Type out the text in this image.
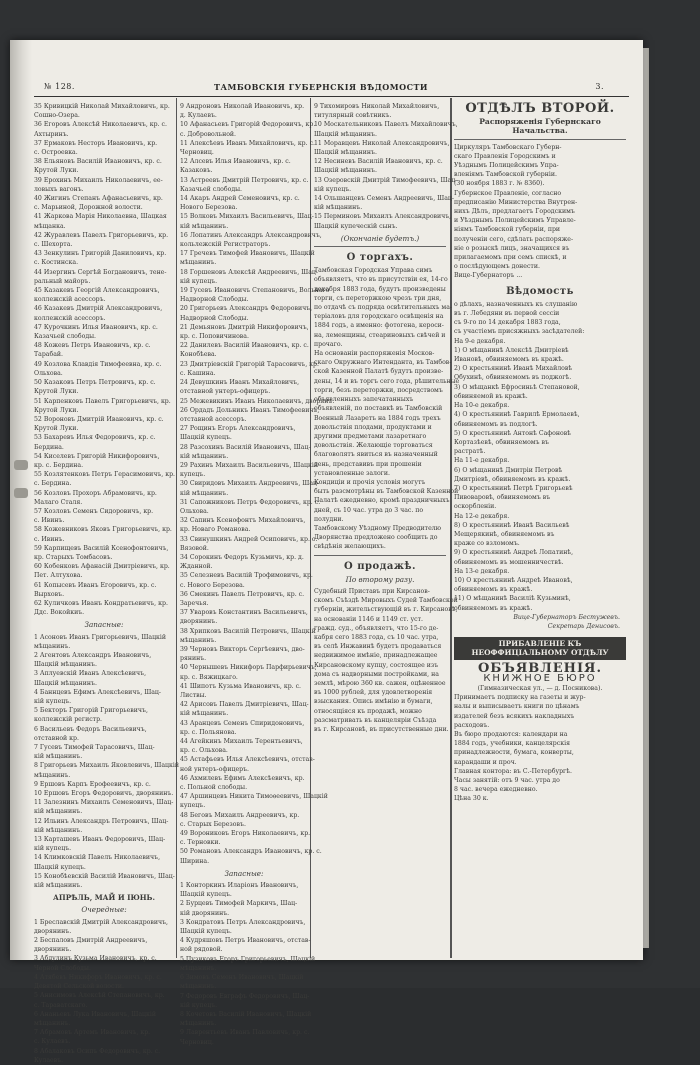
№ 128.	ТАМБОВСКІЯ ГУБЕРНСКІЯ ВѢДОМОСТИ	3.
35 Кривицкій Николай Михайловичъ, кр.
Сошно-Озера.
36 Егоровъ Алексѣй Николаевичъ, кр. с.
Ахтыринъ.
37 Ермаковъ Несторъ Ивановичъ, кр.
с. Остроевка.
38 Ельяновъ Василій Ивановичъ, кр. с.
Крутой Луки.
39 Ерохинъ Михаилъ Николаевичъ, ее-
ловыхъ вагонъ.
40 Жигинъ Степанъ Афанасьевичъ, кр.
с. Марьиной, Дорожной волости.
41 Жаркова Марія Николаевна, Шацкая
мѣщанка.
42 Журавлевъ Павелъ Григорьевичъ, кр.
с. Шехорта.
43 Зенкулинъ Григорій Даниловичъ, кр.
с. Костинска.
44 Изергинъ Сергѣй Богдановичъ, тене-
ральный майоръ.
45 Казакевъ Георгій Александровичъ,
коллежскій асессоръ.
46 Казакевъ Дмитрій Александровичъ,
коллежскій асессоръ.
47 Курочкинъ Илья Ивановичъ, кр. с.
Казачьей слободы.
48 Кожевъ Петръ Ивановичъ, кр. с.
Тарабай.
49 Козлова Клавдія Тимофеевна, кр. с.
Ольхова.
50 Казаковъ Петръ Петровичъ, кр. с.
Крутой Луки.
51 Карпенковъ Павелъ Григорьевичъ, кр.
Крутой Луки.
52 Вороновъ Дмитрій Ивановичъ, кр. с.
Крутой Луки.
53 Бахаревъ Илья Федоровичъ, кр. с.
Бердина.
54 Киселевъ Григорій Никифоровичъ,
кр. с. Бердина.
55 Козлятенковъ Петръ Герасимовичъ, кр.
с. Бердина.
56 Козловъ Прохоръ Абрамовичъ, кр.
Малаго Сталя.
57 Козловъ Семенъ Сидоровичъ, кр.
с. Ивинъ.
58 Кожевниковъ Яковъ Григорьевичъ, кр.
с. Ивинъ.
59 Карпищевъ Василій Ксенофонтовичъ,
кр. Старыхъ Томбасовъ.
60 Кобенковъ Афанасій Дмитріевичъ, кр.
Пет. Алтухова.
61 Копысевъ Иванъ Егоровичъ, кр. с.
Вырховъ.
62 Куличковъ Иванъ Кондратьевичъ, кр.
Ддс. Вокойкиъ.
Запасные:
1 Асоновъ Иванъ Григорьевичъ, Шацкій
мѣщанинъ.
2 Агентовъ Александръ Ивановичъ,
Шацкій мѣщанинъ.
3 Аплуевскій Иванъ Алексѣевичъ,
Шацкій мѣщанинъ.
4 Баннцевъ Ефимъ Алексѣевичъ, Шац-
кій купецъ.
5 Бекторъ Григорій Григорьевичъ,
коллежскій регистр.
6 Васильевъ Федоръ Васильевичъ,
отставной кр.
7 Гусевъ Тимофей Тарасовичъ, Шац-
кій мѣщанинъ.
8 Григорьевъ Михаилъ Яковлевичъ, Шацкій
мѣщанинъ.
9 Ершовъ Карпъ Ерофеевичъ, кр. с.
10 Ершовъ Егоръ Федоровичъ, дворянинъ.
11 Залезнинъ Михаилъ Семеновичъ, Шац-
кій мѣщанинъ.
12 Ильинъ Александръ Петровичъ, Шац-
кій мѣщанинъ.
13 Карташевъ Иванъ Федоровичъ, Шац-
кій купецъ.
14 Климковскій Павелъ Николаевичъ,
Шацкій купецъ.
15 Конобѣевскій Василій Ивановичъ, Шац-
кій мѣщанинъ.
АПРѢЛЬ, МАЙ И ІЮНЬ.
Очередные:
1 Бреславскій Дмитрій Александровичъ,
дворянинъ.
2 Беспаловъ Дмитрій Андреевичъ,
дворянинъ.
3 Абдулинъ Кузьма Ивановичъ, кр. с.
Черной Слободы.
4 Атябевъ Никифоръ Ивановичъ, кр. с.
Девятой Сельской волости.
5 Анисимовъ Алексѣй Степановичъ, кр.
с. Тараватскаго.
6 Ананьевъ Лука Ивановичъ, Шацкій
мѣщанинъ.
7 Абрамовъ Артемъ Ивановичъ, кр.
с. Кулаевъ.
8 Абалаковъ Осипъ Федоровичъ, кр. с.
Кулаевъ.
9 Андроновъ Николай Ивановичъ, кр.
д. Кулаевъ.
10 Афанасьевъ Григорій Федоровичъ, кр.
с. Добровольной.
11 Алексѣевъ Иванъ Михайловичъ, кр. с.
Черновиц.
12 Алсевъ Илья Ивановичъ, кр. с.
Казаковъ.
13 Астреевъ Дмитрій Петровичъ, кр. с.
Казачьей слободы.
14 Акаръ Андрей Семеновичъ, кр. с.
Нового Березова.
15 Волковъ Михаилъ Васильевичъ, Шац-
кій мѣщанинъ.
16 Лопатинъ Александръ Александровичъ,
кольлежскій Регистраторъ.
17 Гречевъ Тимофей Ивановичъ, Шацкій
мѣщанинъ.
18 Горшеновъ Алексѣй Андреевичъ, Шац-
кій купецъ.
19 Гусевъ Ивановичъ Степановичъ, Вольнаго
Надворной Слободы.
20 Григорьевъ Александръ Федоровичъ,
Надворной Слободы.
21 Демьяновъ Дмитрій Никифоровичъ,
кр. с. Поповичинова.
22 Данилевъ Василій Ивановичъ, кр. с.
Конобѣева.
23 Дмитріевскій Григорій Тарасовичъ, кр.
с. Кашина.
24 Девушкинъ Иванъ Михайловичъ,
отставной унтеръ-офицеръ.
25 Межевикинъ Иванъ Николаевичъ, дворянъ.
26 Ордадъ Дольникъ Иванъ Тимофеевичъ,
отставной асессоръ.
27 Рощинъ Егоръ Александровичъ,
Шацкій купецъ.
28 Разсохинъ Василій Ивановичъ, Шац-
кій мѣщанинъ.
29 Рахинъ Михаилъ Васильевичъ, Шацкій
купецъ.
30 Свиридовъ Михаилъ Андреевичъ, Шац-
кій мѣщанинъ.
31 Сапожниковъ Петръ Федоровичъ, кр. с.
Ольхова.
32 Сапинъ Ксенофонтъ Михайловичъ,
кр. Новаго Романова.
33 Свинушкинъ Андрей Осиповичъ, кр. с.
Вязовой.
34 Сорокинъ Федоръ Кузьмичъ, кр. д.
Жданной.
35 Селезневъ Василій Трофимовичъ, кр.
с. Нового Березова.
36 Смекинъ Павелъ Петровичъ, кр. с.
Заречья.
37 Уваровъ Константинъ Васильевичъ,
дворянинъ.
38 Хрипковъ Василій Петровичъ, Шацкій
мѣщанинъ.
39 Черновъ Викторъ Сергѣевичъ, дво-
рянинъ.
40 Чернышевъ Никифоръ Парфирьевичъ,
кр. с. Вяжицкаго.
41 Шипотъ Кузьма Ивановичъ, кр. с.
Листвы.
42 Арисовъ Павелъ Дмитріевичъ, Шац-
кій мѣщанинъ.
43 Аранцевъ Семенъ Спиридоновичъ,
кр. с. Польянова.
44 Агейкинъ Михаилъ Терентьевичъ,
кр. с. Ольхова.
45 Астафьевъ Илья Алексѣевичъ, отстав-
ной унтеръ-офицеръ.
46 Ахмилевъ Ефимъ Алексѣевичъ, кр.
с. Польной слободы.
47 Аршинцевъ Никита Тимоѳеевичъ, Шацкій
купецъ.
48 Беговъ Михаилъ Андреевичъ, кр.
с. Старых Березовъ.
49 Ворониковъ Егоръ Николаевичъ, кр.
с. Терновки.
50 Романовъ Александръ Ивановичъ, кр. с.
Ширина.
Запасные:
1 Конторкинъ Иларіонъ Ивановичъ,
Шацкій купецъ.
2 Бурцевъ Тимофей Маркичъ, Шац-
кій дворянинъ.
3 Кондратовъ Петръ Александровичъ,
Шацкій купецъ.
4 Кудряшовъ Петръ Ивановичъ, отстав-
ной рядовой.
5 Пузиковъ Егоръ Григорьевичъ, Шацкій
мѣщанинъ.
6 Зимовъ Семенъ Ивановичъ, Шацкій
мѣщанинъ.
7 Федоровъ Евграфъ Федоровичъ, Шац-
кій купецъ.
8 Кочетовъ Василій Ивановичъ, Шацкій
мѣщанинъ.
9 Лаврентьевъ Иванъ Павловичъ, кр. с.
Черновиц.
9 Тихомировъ Николай Михайловичъ,
титулярный совѣтникъ.
10 Москательниковъ Павелъ Михайловичъ,
Шацкій мѣщанинъ.
11 Моравцевъ Николай Александровичъ,
Шацкій мѣщанинъ.
12 Несиневъ Василій Ивановичъ, кр. с.
Шацкій мѣщанинъ.
13 Озеровскій Дмитрій Тимофеевичъ, Шац-
кій купецъ.
14 Ольшанцевъ Семенъ Андреевичъ, Шац-
кій мѣщанинъ.
15 Перминовъ Михаилъ Александровичъ,
Шацкій купеческій сынъ.
(Окончаніе будетъ.)
О торгахъ.
Тамбовская Городская Управа симъ
объявляетъ, что въ присутствіи ея, 14-го
декабря 1883 года, будутъ произведены
торги, съ переторжкою чрезъ три дня,
по отдачѣ съ подряда освѣтительныхъ ма-
теріаловъ для городскаго освѣщенія на
1884 годъ, а именно: фотогена, кероси-
на, леменщины, стеариновыхъ свѣчей и
прочаго.
На основаніи распоряженія Москов-
скаго Окружнаго Интенданта, въ Тамбов-
ской Казенной Палатѣ будутъ произве-
дены, 14 и въ торгъ сего года, рѣшительные
торги, безъ переторжки, посредствомъ
объявленныхъ запечатанныхъ
объявленій, по поставкѣ въ Тамбовскій
Военный Лазаретъ на 1884 годъ трехъ
довольствія плодами, продуктами и
другими предметами лазаретнаго
довольствія. Желающіе торговаться
благоволятъ явиться въ назначенный
день, представивъ при прошеніи
установленные залоги.
Кондиціи и прочія условія могутъ
быть разсмотрѣны въ Тамбовской Казенной
Палатѣ ежедневно, кромѣ праздничныхъ
дней, съ 10 час. утра до 3 час. по
полудни.
Тамбовскому Уѣздному Предводителю
Дворянства предложено сообщить до
свѣдѣнія желающихъ.
О продажѣ.
По второму разу.
Судебный Приставъ при Кирсанов-
скомъ Съѣздѣ Мировыхъ Судей Тамбовской
губерніи, жительствующій въ г. Кирсановѣ,
на основаніи 1146 и 1149 ст. уст.
гражд. суд., объявляетъ, что 15-го де-
кабря сего 1883 года, съ 10 час. утра,
въ селѣ Инжавинѣ будетъ продаваться
недвижимое имѣніе, принадлежащее
Кирсановскому купцу, состоящее изъ
дома съ надворными постройками, на
землѣ, мѣрою 360 кв. сажен, оцѣненное
въ 1000 рублей, для удовлетворенія
взыскания. Опись имѣнію и бумаги,
относящіяся къ продажѣ, можно
разсматривать въ канцеляріи Съѣзда
въ г. Кирсановѣ, въ присутственные дни.
ОТДѢЛЪ ВТОРОЙ.
Распоряженія Губернскаго Начальства.
Циркуляръ Тамбовскаго Губерн-
скаго Правленія Городскимъ и
Уѣзднымъ Полицейскимъ Упра-
вленіямъ Тамбовской губерніи.
(30 ноября 1883 г. № 8360).
Губернское Правленіе, согласно
предписанію Министерства Внутрен-
нихъ Дѣлъ, предлагаетъ Городскимъ
и Уѣзднымъ Полицейскимъ Управле-
ніямъ Тамбовской губерніи, при
полученіи сего, сдѣлать распоряже-
ніе о розыскѣ лицъ, значащихся въ
прилагаемомъ при семъ спискѣ, и
о послѣдующемъ донести.
Вице-Губернаторъ ...
Вѣдомость
о дѣлахъ, назначенныхъ къ слушанію
въ г. Лебедяни въ первой сессіи
съ 9-го по 14 декабря 1883 года,
съ участіемъ присяжныхъ засѣдателей:
На 9-е декабря.
1) О мѣщанинѣ Алексѣѣ Дмитріевѣ
Ивановѣ, обвиняемомъ въ кражѣ.
2) О крестьянинѣ Иванѣ Михайловѣ
Обухинѣ, обвиняемомъ въ поджогѣ.
3) О мѣщанкѣ Ефросиньѣ Степановой,
обвиняемой въ кражѣ.
На 10-е декабря.
4) О крестьянинѣ Гаврилѣ Ермолаевѣ,
обвиняемомъ въ подлогѣ.
5) О крестьянинѣ Антонѣ Сафоновѣ
Кортазѣевѣ, обвиняемомъ въ
растратѣ.
На 11-е декабря.
6) О мѣщанинѣ Дмитріи Петровѣ
Дмитріевѣ, обвиняемомъ въ кражѣ.
7) О крестьянинѣ Петрѣ Григорьевѣ
Пивоваровѣ, обвиняемомъ въ
оскорбленіи.
На 12-е декабря.
8) О крестьянинѣ Иванѣ Васильевѣ
Мещерякинѣ, обвиняемомъ въ
краже со взломомъ.
9) О крестьянинѣ Андреѣ Лопатинѣ,
обвиняемомъ въ мошенничествѣ.
На 13-е декабря.
10) О крестьянинѣ Андреѣ Ивановѣ,
обвиняемомъ въ кражѣ.
11) О мѣщанинѣ Василіѣ Кузьминѣ,
обвиняемомъ въ кражѣ.
Вице-Губернаторъ Бестужевъ.
Секретарь Денисовъ.
ПРИБАВЛЕНІЕ КЪ НЕОФФИЦІАЛЬНОМУ ОТДѢЛУ
ОБЪЯВЛЕНІЯ.
КНИЖНОЕ БЮРО
(Гимназическая ул., — д. Посникова).
Принимаетъ подписку на газеты и жур-
налы и выписываетъ книги по цѣнамъ
издателей безъ всякихъ накладныхъ
расходовъ.
Въ бюро продаются: календари на
1884 годъ, учебники, канцелярскія
принадлежности, бумага, конверты,
карандаши и проч.
Главная контора: въ С.-Петербургѣ.
Часы занятій: отъ 9 час. утра до
8 час. вечера ежедневно.
Цѣна 30 к.
